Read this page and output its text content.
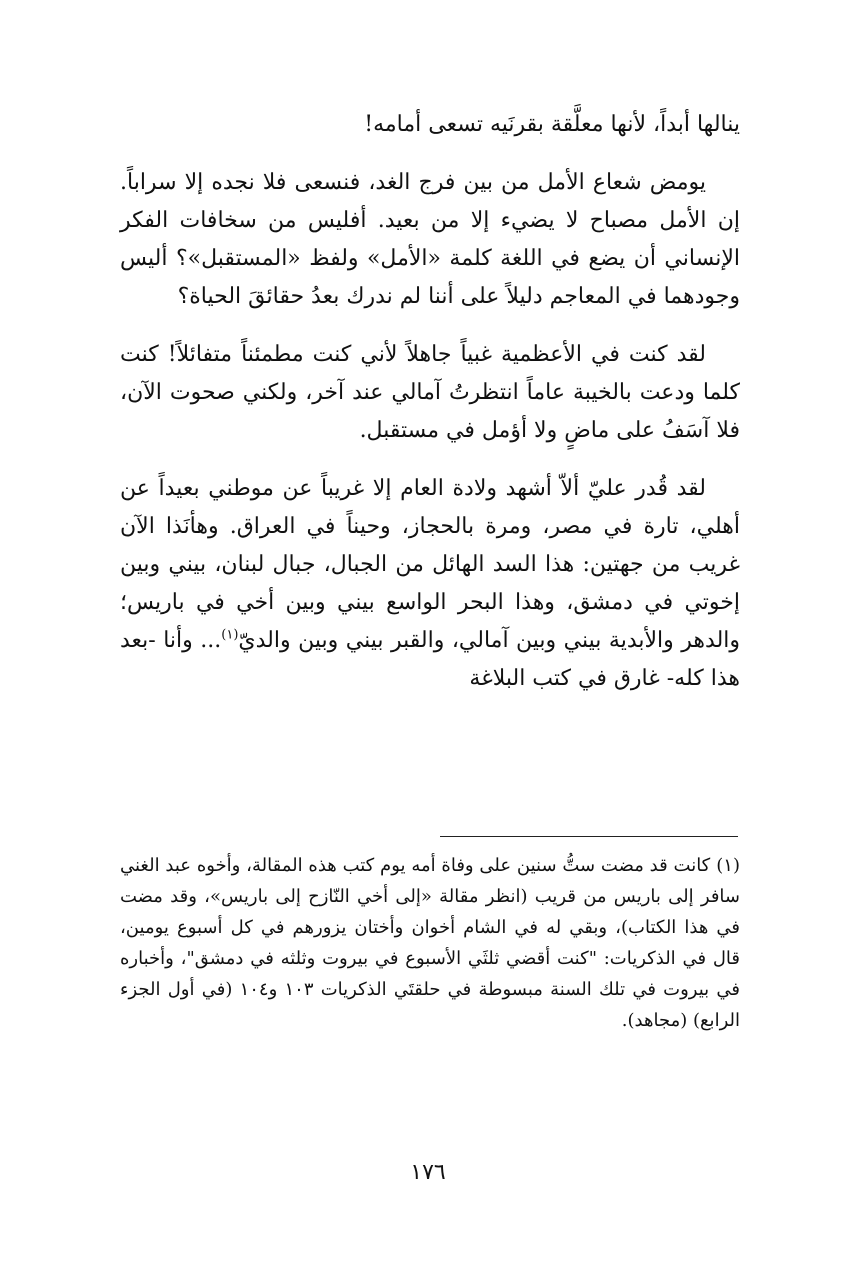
ينالها أبداً، لأنها معلَّقة بقرنَيه تسعى أمامه!

يومض شعاع الأمل من بين فرج الغد، فنسعى فلا نجده إلا سراباً. إن الأمل مصباح لا يضيء إلا من بعيد. أفليس من سخافات الفكر الإنساني أن يضع في اللغة كلمة «الأمل» ولفظ «المستقبل»؟ أليس وجودهما في المعاجم دليلاً على أننا لم ندرك بعدُ حقائقَ الحياة؟

لقد كنت في الأعظمية غبياً جاهلاً لأني كنت مطمئناً متفائلاً! كنت كلما ودعت بالخيبة عاماً انتظرتُ آمالي عند آخر، ولكني صحوت الآن، فلا آسَفُ على ماضٍ ولا أؤمل في مستقبل.

لقد قُدر عليّ ألاّ أشهد ولادة العام إلا غريباً عن موطني بعيداً عن أهلي، تارة في مصر، ومرة بالحجاز، وحيناً في العراق. وهأنَذا الآن غريب من جهتين: هذا السد الهائل من الجبال، جبال لبنان، بيني وبين إخوتي في دمشق، وهذا البحر الواسع بيني وبين أخي في باريس؛ والدهر والأبدية بيني وبين آمالي، والقبر بيني وبين والديّ$^{(١)}$... وأنا -بعد هذا كله- غارق في كتب البلاغة

(١)كانت قد مضت ستُّ سنين على وفاة أمه يوم كتب هذه المقالة، وأخوه عبد الغني سافر إلى باريس من قريب (انظر مقالة «إلى أخي النّازح إلى باريس»، وقد مضت في هذا الكتاب)، وبقي له في الشام أخوان وأختان يزورهم في كل أسبوع يومين، قال في الذكريات: "كنت أقضي ثلثَي الأسبوع في بيروت وثلثه في دمشق"، وأخباره في بيروت في تلك السنة مبسوطة في حلقتَي الذكريات ١٠٣ و١٠٤ (في أول الجزء الرابع) (مجاهد).
١٧٦
